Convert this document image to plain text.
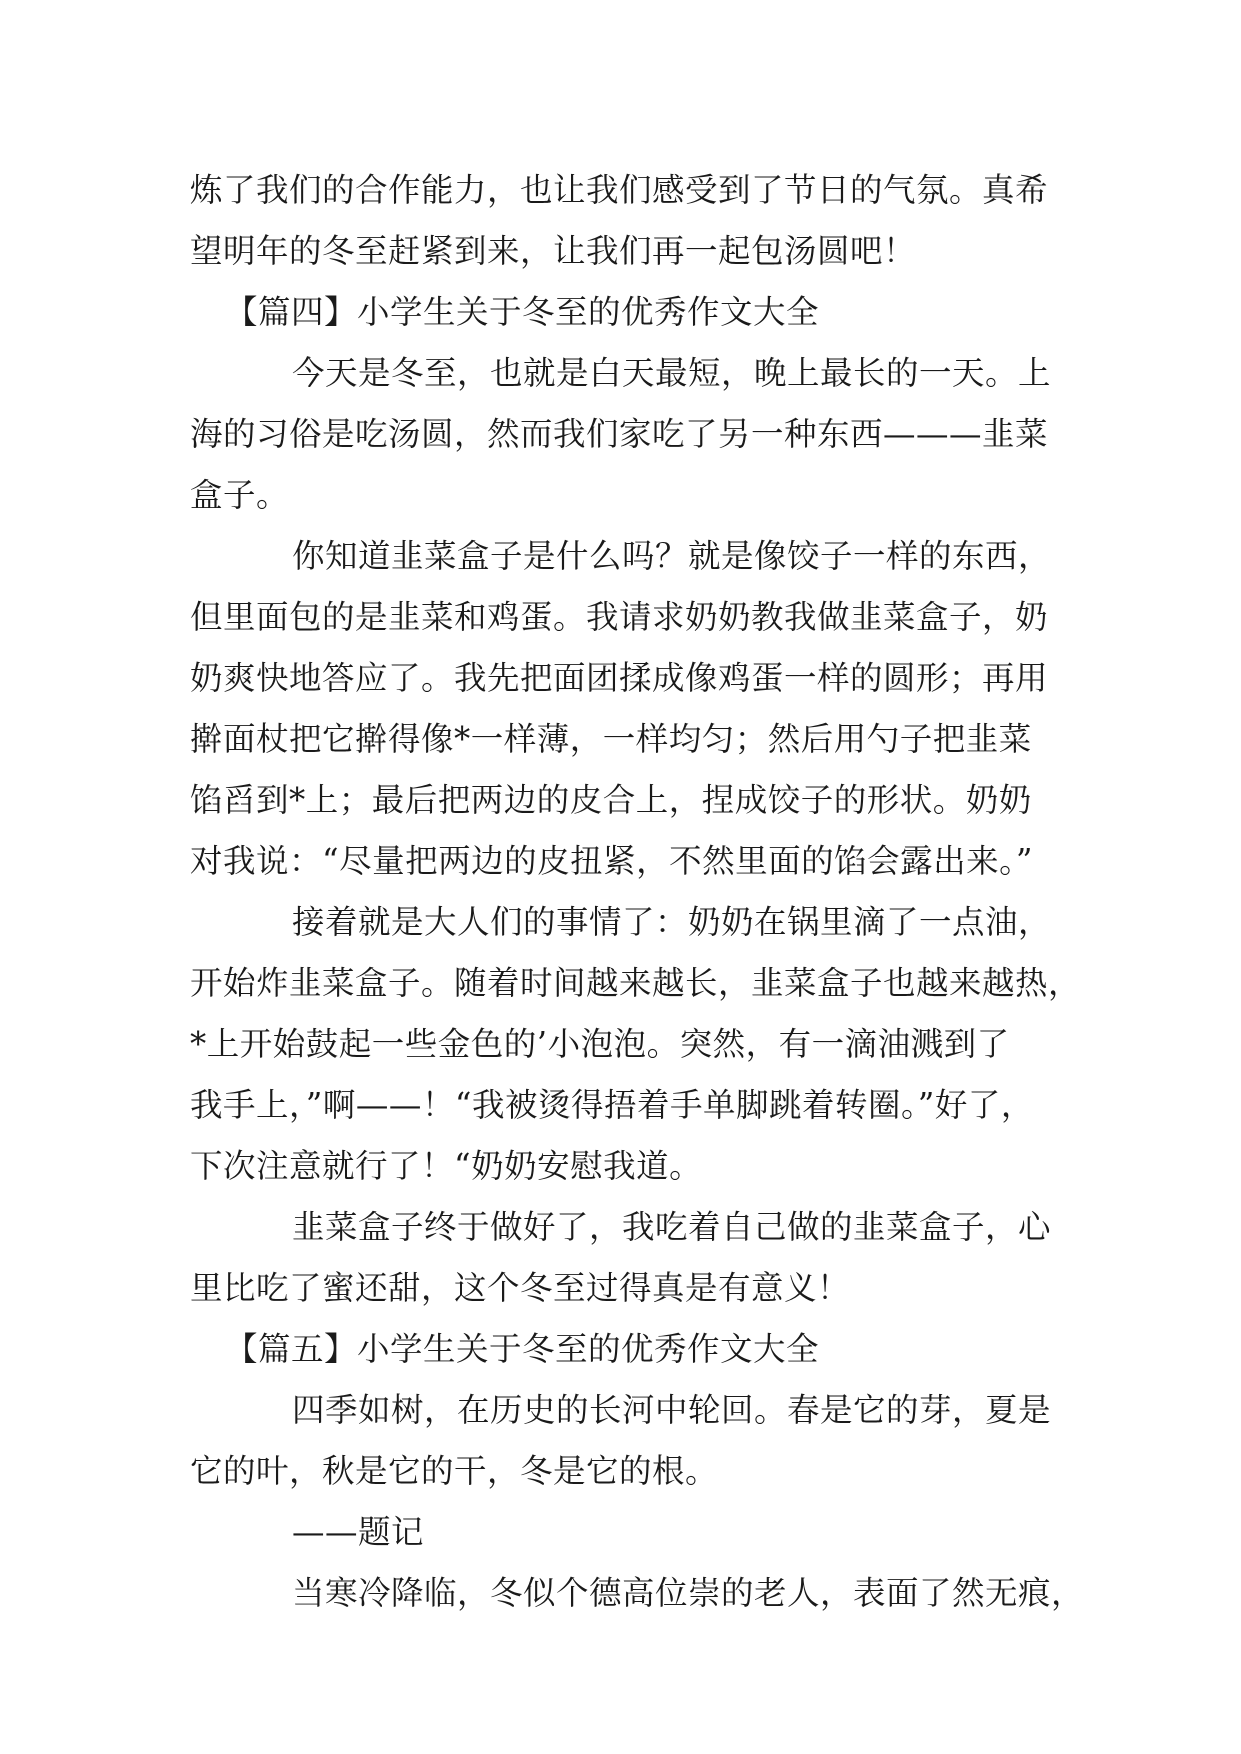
炼了我们的合作能力，也让我们感受到了节日的气氛。真希
望明年的冬至赶紧到来，让我们再一起包汤圆吧！
【篇四】小学生关于冬至的优秀作文大全
今天是冬至，也就是白天最短，晚上最长的一天。上
海的习俗是吃汤圆，然而我们家吃了另一种东西———韭菜
盒子。
你知道韭菜盒子是什么吗？就是像饺子一样的东西，
但里面包的是韭菜和鸡蛋。我请求奶奶教我做韭菜盒子，奶
奶爽快地答应了。我先把面团揉成像鸡蛋一样的圆形；再用
擀面杖把它擀得像*一样薄，一样均匀；然后用勺子把韭菜
馅舀到*上；最后把两边的皮合上，捏成饺子的形状。奶奶
对我说：“尽量把两边的皮扭紧，不然里面的馅会露出来。”
接着就是大人们的事情了：奶奶在锅里滴了一点油，
开始炸韭菜盒子。随着时间越来越长，韭菜盒子也越来越热，
*上开始鼓起一些金色的’小泡泡。突然，有一滴油溅到了
我手上，”啊——！“我被烫得捂着手单脚跳着转圈。”好了，
下次注意就行了！“奶奶安慰我道。
韭菜盒子终于做好了，我吃着自己做的韭菜盒子，心
里比吃了蜜还甜，这个冬至过得真是有意义！
【篇五】小学生关于冬至的优秀作文大全
四季如树，在历史的长河中轮回。春是它的芽，夏是
它的叶，秋是它的干，冬是它的根。
——题记
当寒冷降临，冬似个德高位崇的老人，表面了然无痕，
